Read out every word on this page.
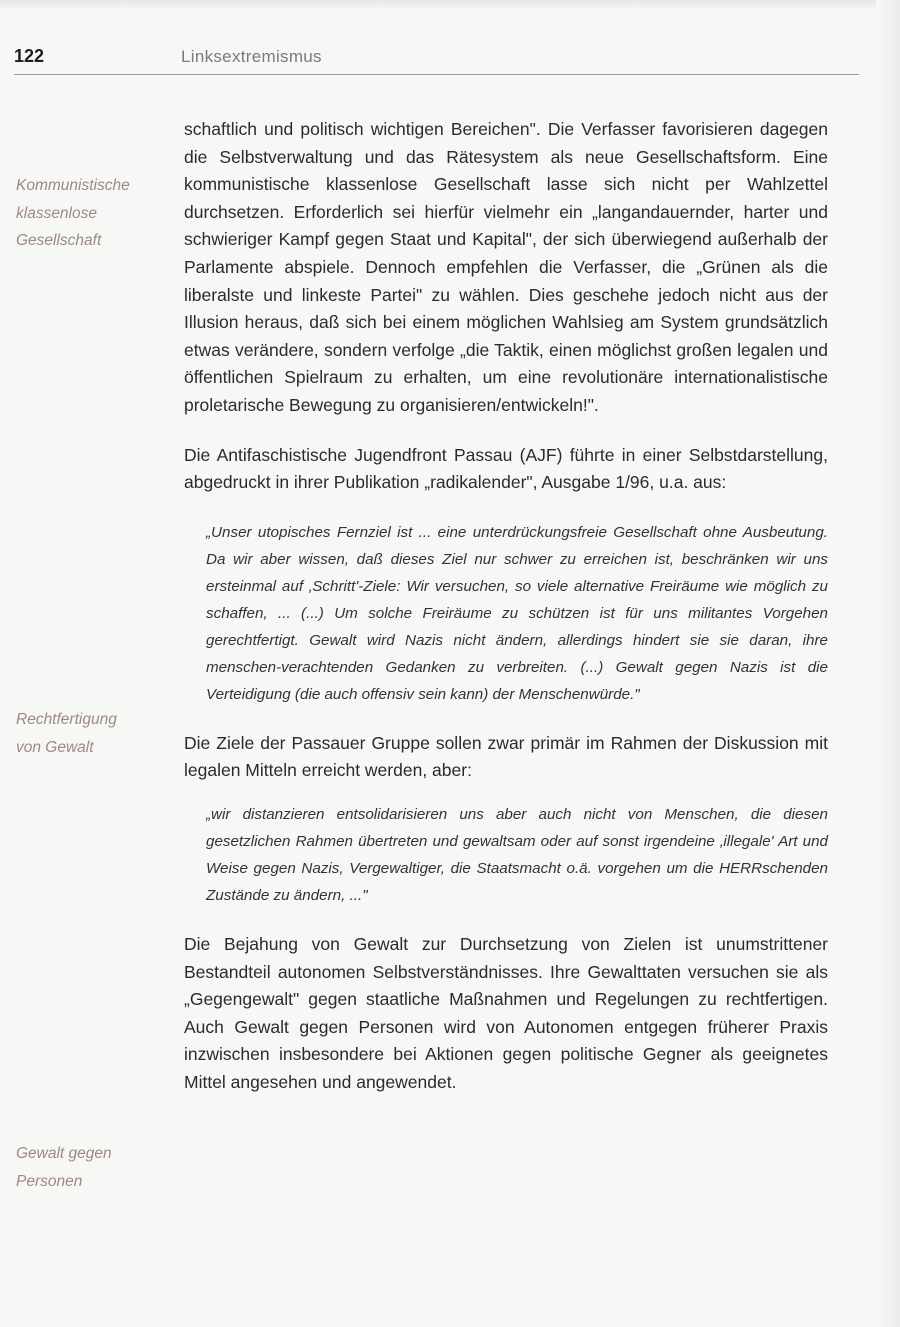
122	Linksextremismus
Kommunistische
klassenlose
Gesellschaft
Rechtfertigung
von Gewalt
Gewalt gegen
Personen

schaftlich und politisch wichtigen Bereichen". Die Verfasser favorisieren dagegen die Selbstverwaltung und das Rätesystem als neue Gesellschaftsform. Eine kommunistische klassenlose Gesellschaft lasse sich nicht per Wahlzettel durchsetzen. Erforderlich sei hierfür vielmehr ein „langandauernder, harter und schwieriger Kampf gegen Staat und Kapital", der sich überwiegend außerhalb der Parlamente abspiele. Dennoch empfehlen die Verfasser, die „Grünen als die liberalste und linkeste Partei" zu wählen. Dies geschehe jedoch nicht aus der Illusion heraus, daß sich bei einem möglichen Wahlsieg am System grundsätzlich etwas verändere, sondern verfolge „die Taktik, einen möglichst großen legalen und öffentlichen Spielraum zu erhalten, um eine revolutionäre internationalistische proletarische Bewegung zu organisieren/entwickeln!".

Die Antifaschistische Jugendfront Passau (AJF) führte in einer Selbstdarstellung, abgedruckt in ihrer Publikation „radikalender", Ausgabe 1/96, u.a. aus:

„Unser utopisches Fernziel ist ... eine unterdrückungsfreie Gesellschaft ohne Ausbeutung. Da wir aber wissen, daß dieses Ziel nur schwer zu erreichen ist, beschränken wir uns ersteinmal auf ‚Schritt'-Ziele: Wir versuchen, so viele alternative Freiräume wie möglich zu schaffen, ... (...) Um solche Freiräume zu schützen ist für uns militantes Vorgehen gerechtfertigt. Gewalt wird Nazis nicht ändern, allerdings hindert sie sie daran, ihre menschen-verachtenden Gedanken zu verbreiten. (...) Gewalt gegen Nazis ist die Verteidigung (die auch offensiv sein kann) der Menschenwürde."

Die Ziele der Passauer Gruppe sollen zwar primär im Rahmen der Diskussion mit legalen Mitteln erreicht werden, aber:

„wir distanzieren entsolidarisieren uns aber auch nicht von Menschen, die diesen gesetzlichen Rahmen übertreten und gewaltsam oder auf sonst irgendeine ‚illegale' Art und Weise gegen Nazis, Vergewaltiger, die Staatsmacht o.ä. vorgehen um die HERRschenden Zustände zu ändern, ..."

Die Bejahung von Gewalt zur Durchsetzung von Zielen ist unumstrittener Bestandteil autonomen Selbstverständnisses. Ihre Gewalttaten versuchen sie als „Gegengewalt" gegen staatliche Maßnahmen und Regelungen zu rechtfertigen. Auch Gewalt gegen Personen wird von Autonomen entgegen früherer Praxis inzwischen insbesondere bei Aktionen gegen politische Gegner als geeignetes Mittel angesehen und angewendet.
